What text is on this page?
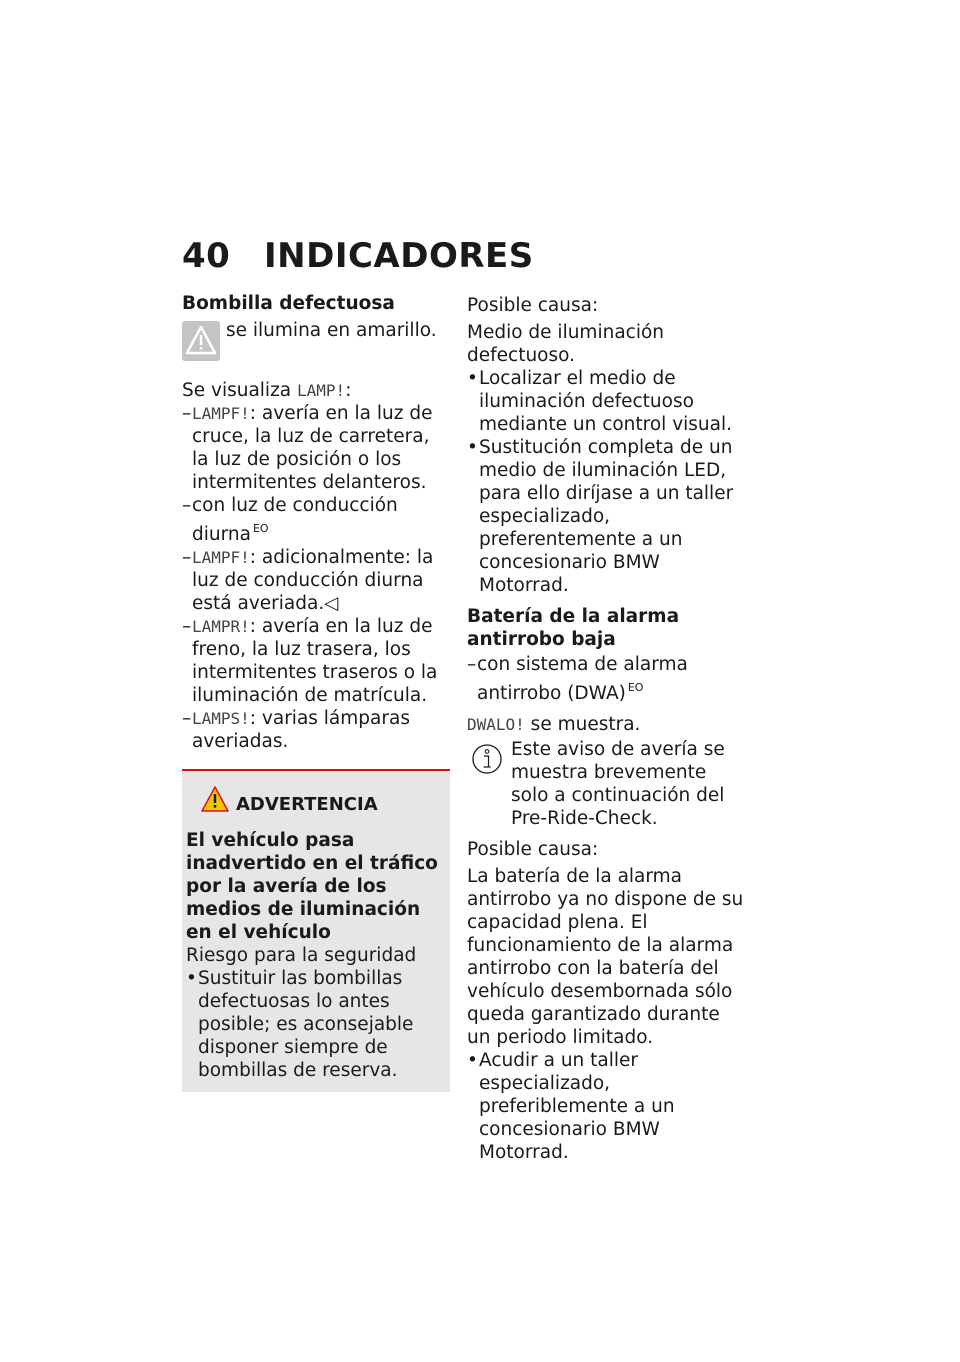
40 INDICADORES

Bombilla defectuosa

se ilumina en amarillo.

Se visualiza LAMP!:

– LAMPF!: avería en la luz de cruce, la luz de carretera, la luz de posición o los intermitentes delanteros.

– con luz de conducción diurna $^{EO}$

– LAMPF!: adicionalmente: la luz de conducción diurna está averiada.◁

– LAMPR!: avería en la luz de freno, la luz trasera, los intermitentes traseros o la iluminación de matrícula.

– LAMPS!: varias lámparas averiadas.

ADVERTENCIA

El vehículo pasa inadvertido en el tráfico por la avería de los medios de iluminación en el vehículo

Riesgo para la seguridad

• Sustituir las bombillas defectuosas lo antes posible; es aconsejable disponer siempre de bombillas de reserva.

Posible causa:

Medio de iluminación defectuoso.

• Localizar el medio de iluminación defectuoso mediante un control visual.

• Sustitución completa de un medio de iluminación LED, para ello diríjase a un taller especializado, preferentemente a un concesionario BMW Motorrad.

Batería de la alarma antirrobo baja

– con sistema de alarma antirrobo (DWA) $^{EO}$

DWALO! se muestra.

Este aviso de avería se muestra brevemente solo a continuación del Pre-Ride-Check.

Posible causa:

La batería de la alarma antirrobo ya no dispone de su capacidad plena. El funcionamiento de la alarma antirrobo con la batería del vehículo desembornada sólo queda garantizado durante un periodo limitado.

• Acudir a un taller especializado, preferiblemente a un concesionario BMW Motorrad.
